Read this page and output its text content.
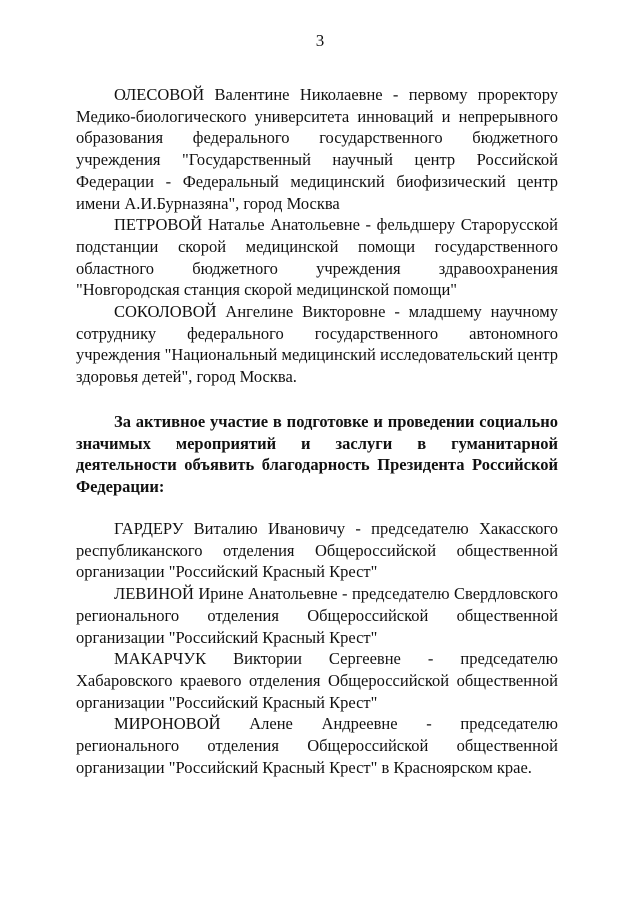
3

ОЛЕСОВОЙ Валентине Николаевне - первому проректору Медико-биологического университета инноваций и непрерывного образования федерального государственного бюджетного учреждения "Государственный научный центр Российской Федерации - Федеральный медицинский биофизический центр имени А.И.Бурназяна", город Москва

ПЕТРОВОЙ Наталье Анатольевне - фельдшеру Старорусской подстанции скорой медицинской помощи государственного областного бюджетного учреждения здравоохранения "Новгородская станция скорой медицинской помощи"

СОКОЛОВОЙ Ангелине Викторовне - младшему научному сотруднику федерального государственного автономного учреждения "Национальный медицинский исследовательский центр здоровья детей", город Москва.

За активное участие в подготовке и проведении социально значимых мероприятий и заслуги в гуманитарной деятельности объявить благодарность Президента Российской Федерации:

ГАРДЕРУ Виталию Ивановичу - председателю Хакасского республиканского отделения Общероссийской общественной организации "Российский Красный Крест"

ЛЕВИНОЙ Ирине Анатольевне - председателю Свердловского регионального отделения Общероссийской общественной организации "Российский Красный Крест"

МАКАРЧУК Виктории Сергеевне - председателю Хабаровского краевого отделения Общероссийской общественной организации "Российский Красный Крест"

МИРОНОВОЙ Алене Андреевне - председателю регионального отделения Общероссийской общественной организации "Российский Красный Крест" в Красноярском крае.
